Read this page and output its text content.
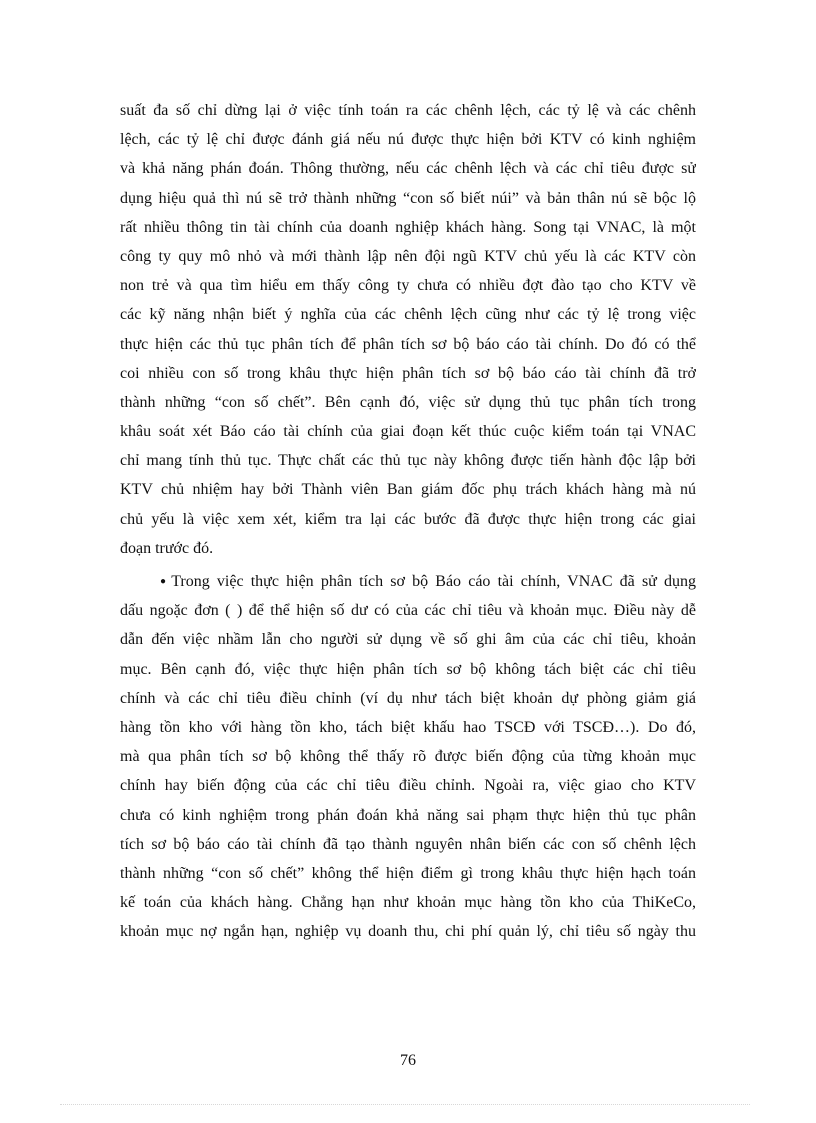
suất đa số chỉ dừng lại ở việc tính toán ra các chênh lệch, các tỷ lệ và các chênh
lệch, các tỷ lệ chỉ được đánh giá nếu nú được thực hiện bởi KTV có kinh nghiệm
và khả năng phán đoán. Thông thường, nếu các chênh lệch và các chỉ tiêu được sử
dụng hiệu quả thì nú sẽ trở thành những “con số biết núi” và bản thân nú sẽ bộc lộ
rất nhiều thông tin tài chính của doanh nghiệp khách hàng. Song tại VNAC, là một
công ty quy mô nhỏ và mới thành lập nên đội ngũ KTV chủ yếu là các KTV còn
non trẻ và qua tìm hiểu em thấy công ty chưa có nhiều đợt đào tạo cho KTV về
các kỹ năng nhận biết ý nghĩa của các chênh lệch cũng như các tỷ lệ trong việc
thực hiện các thủ tục phân tích để phân tích sơ bộ báo cáo tài chính. Do đó có thể
coi nhiều con số trong khâu thực hiện phân tích sơ bộ báo cáo tài chính đã trở
thành những “con số chết”. Bên cạnh đó, việc sử dụng thủ tục phân tích trong
khâu soát xét Báo cáo tài chính của giai đoạn kết thúc cuộc kiểm toán tại VNAC
chỉ mang tính thủ tục. Thực chất các thủ tục này không được tiến hành độc lập bởi
KTV chủ nhiệm hay bởi Thành viên Ban giám đốc phụ trách khách hàng mà nú
chủ yếu là việc xem xét, kiểm tra lại các bước đã được thực hiện trong các giai
đoạn trước đó.
● Trong việc thực hiện phân tích sơ bộ Báo cáo tài chính, VNAC đã sử dụng
dấu ngoặc đơn ( ) để thể hiện số dư có của các chỉ tiêu và khoản mục. Điều này dễ
dẫn đến việc nhầm lẫn cho người sử dụng về số ghi âm của các chỉ tiêu, khoản
mục. Bên cạnh đó, việc thực hiện phân tích sơ bộ không tách biệt các chỉ tiêu
chính và các chỉ tiêu điều chỉnh (ví dụ như tách biệt khoản dự phòng giảm giá
hàng tồn kho với hàng tồn kho, tách biệt khấu hao TSCĐ với TSCĐ…). Do đó,
mà qua phân tích sơ bộ không thể thấy rõ được biến động của từng khoản mục
chính hay biến động của các chỉ tiêu điều chỉnh. Ngoài ra, việc giao cho KTV
chưa có kinh nghiệm trong phán đoán khả năng sai phạm thực hiện thủ tục phân
tích sơ bộ báo cáo tài chính đã tạo thành nguyên nhân biến các con số chênh lệch
thành những “con số chết” không thể hiện điểm gì trong khâu thực hiện hạch toán
kế toán của khách hàng. Chẳng hạn như khoản mục hàng tồn kho của ThiKeCo,
khoản mục nợ ngắn hạn, nghiệp vụ doanh thu, chi phí quản lý, chỉ tiêu số ngày thu
76
